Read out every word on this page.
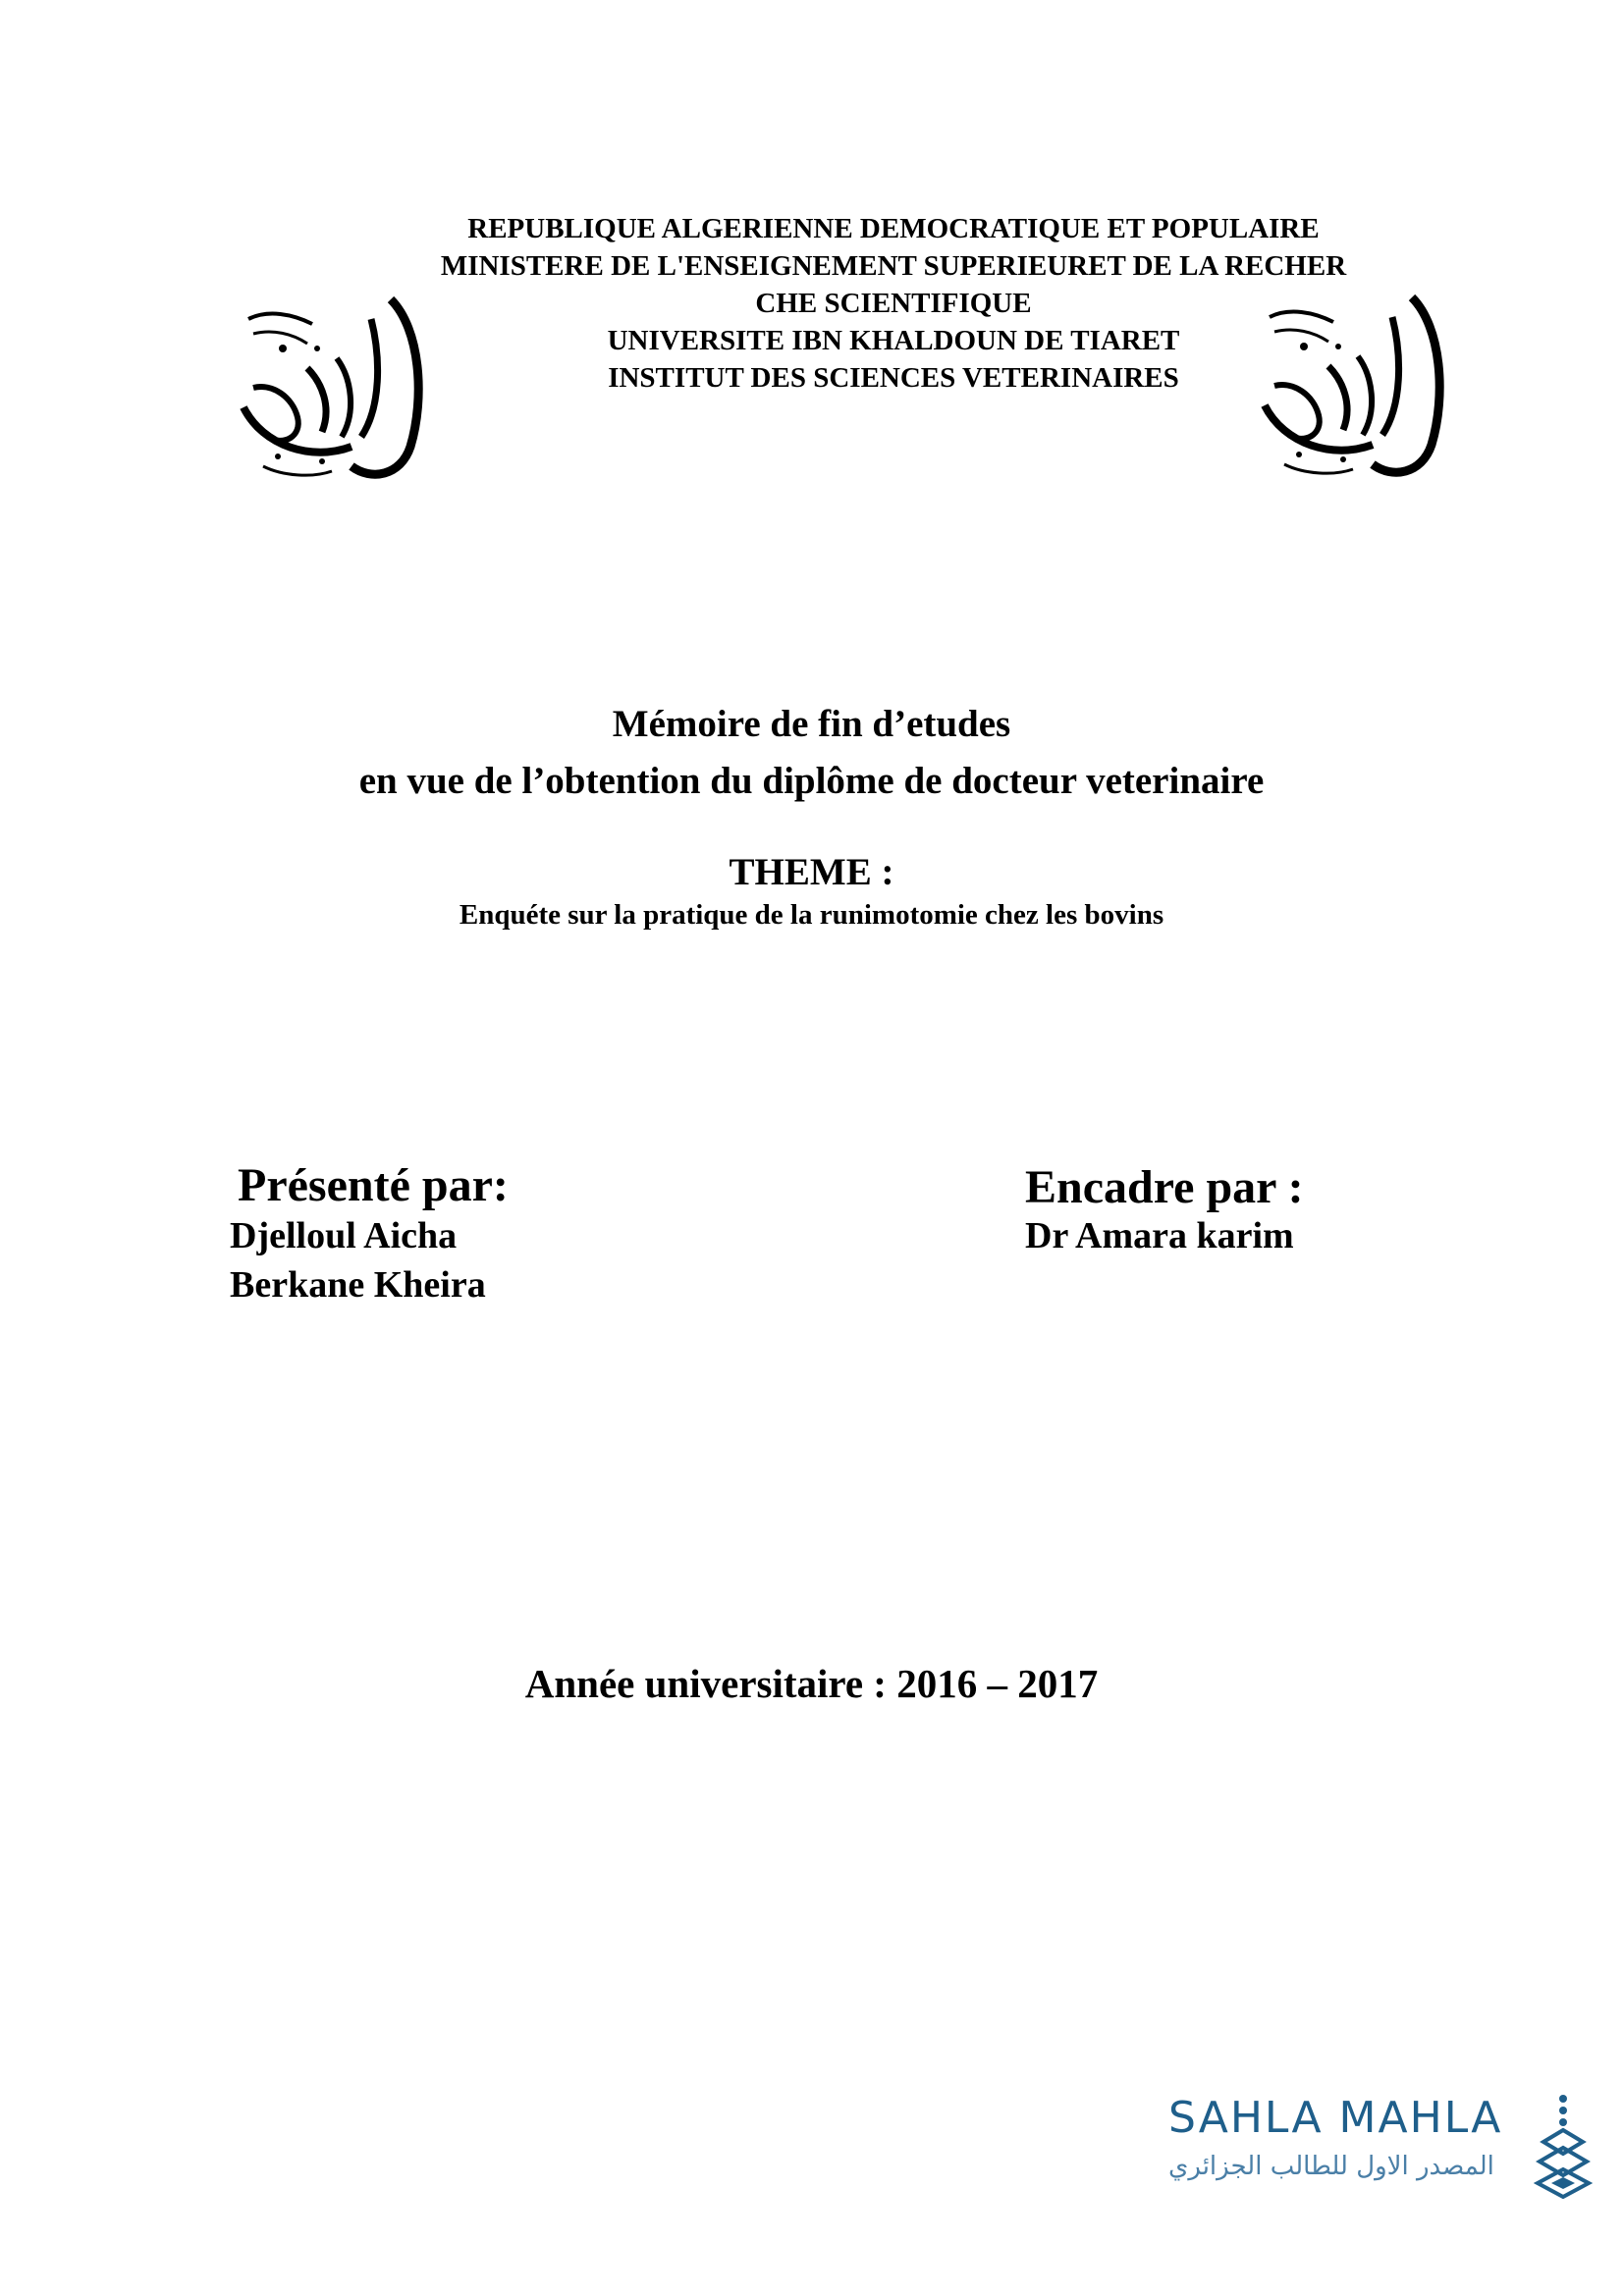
REPUBLIQUE ALGERIENNE DEMOCRATIQUE ET POPULAIRE
MINISTERE DE L'ENSEIGNEMENT SUPERIEURET DE LA RECHER
CHE SCIENTIFIQUE
UNIVERSITE IBN KHALDOUN DE TIARET
INSTITUT DES SCIENCES VETERINAIRES
Mémoire de fin d’etudes
en vue de l’obtention du diplôme de docteur veterinaire
THEME :
Enquéte sur la pratique de la runimotomie chez les bovins
Présenté par:
Djelloul Aicha
Berkane Kheira
Encadre par :
Dr Amara karim
Année universitaire : 2016 – 2017
SAHLA MAHLA
المصدر الاول للطالب الجزائري
